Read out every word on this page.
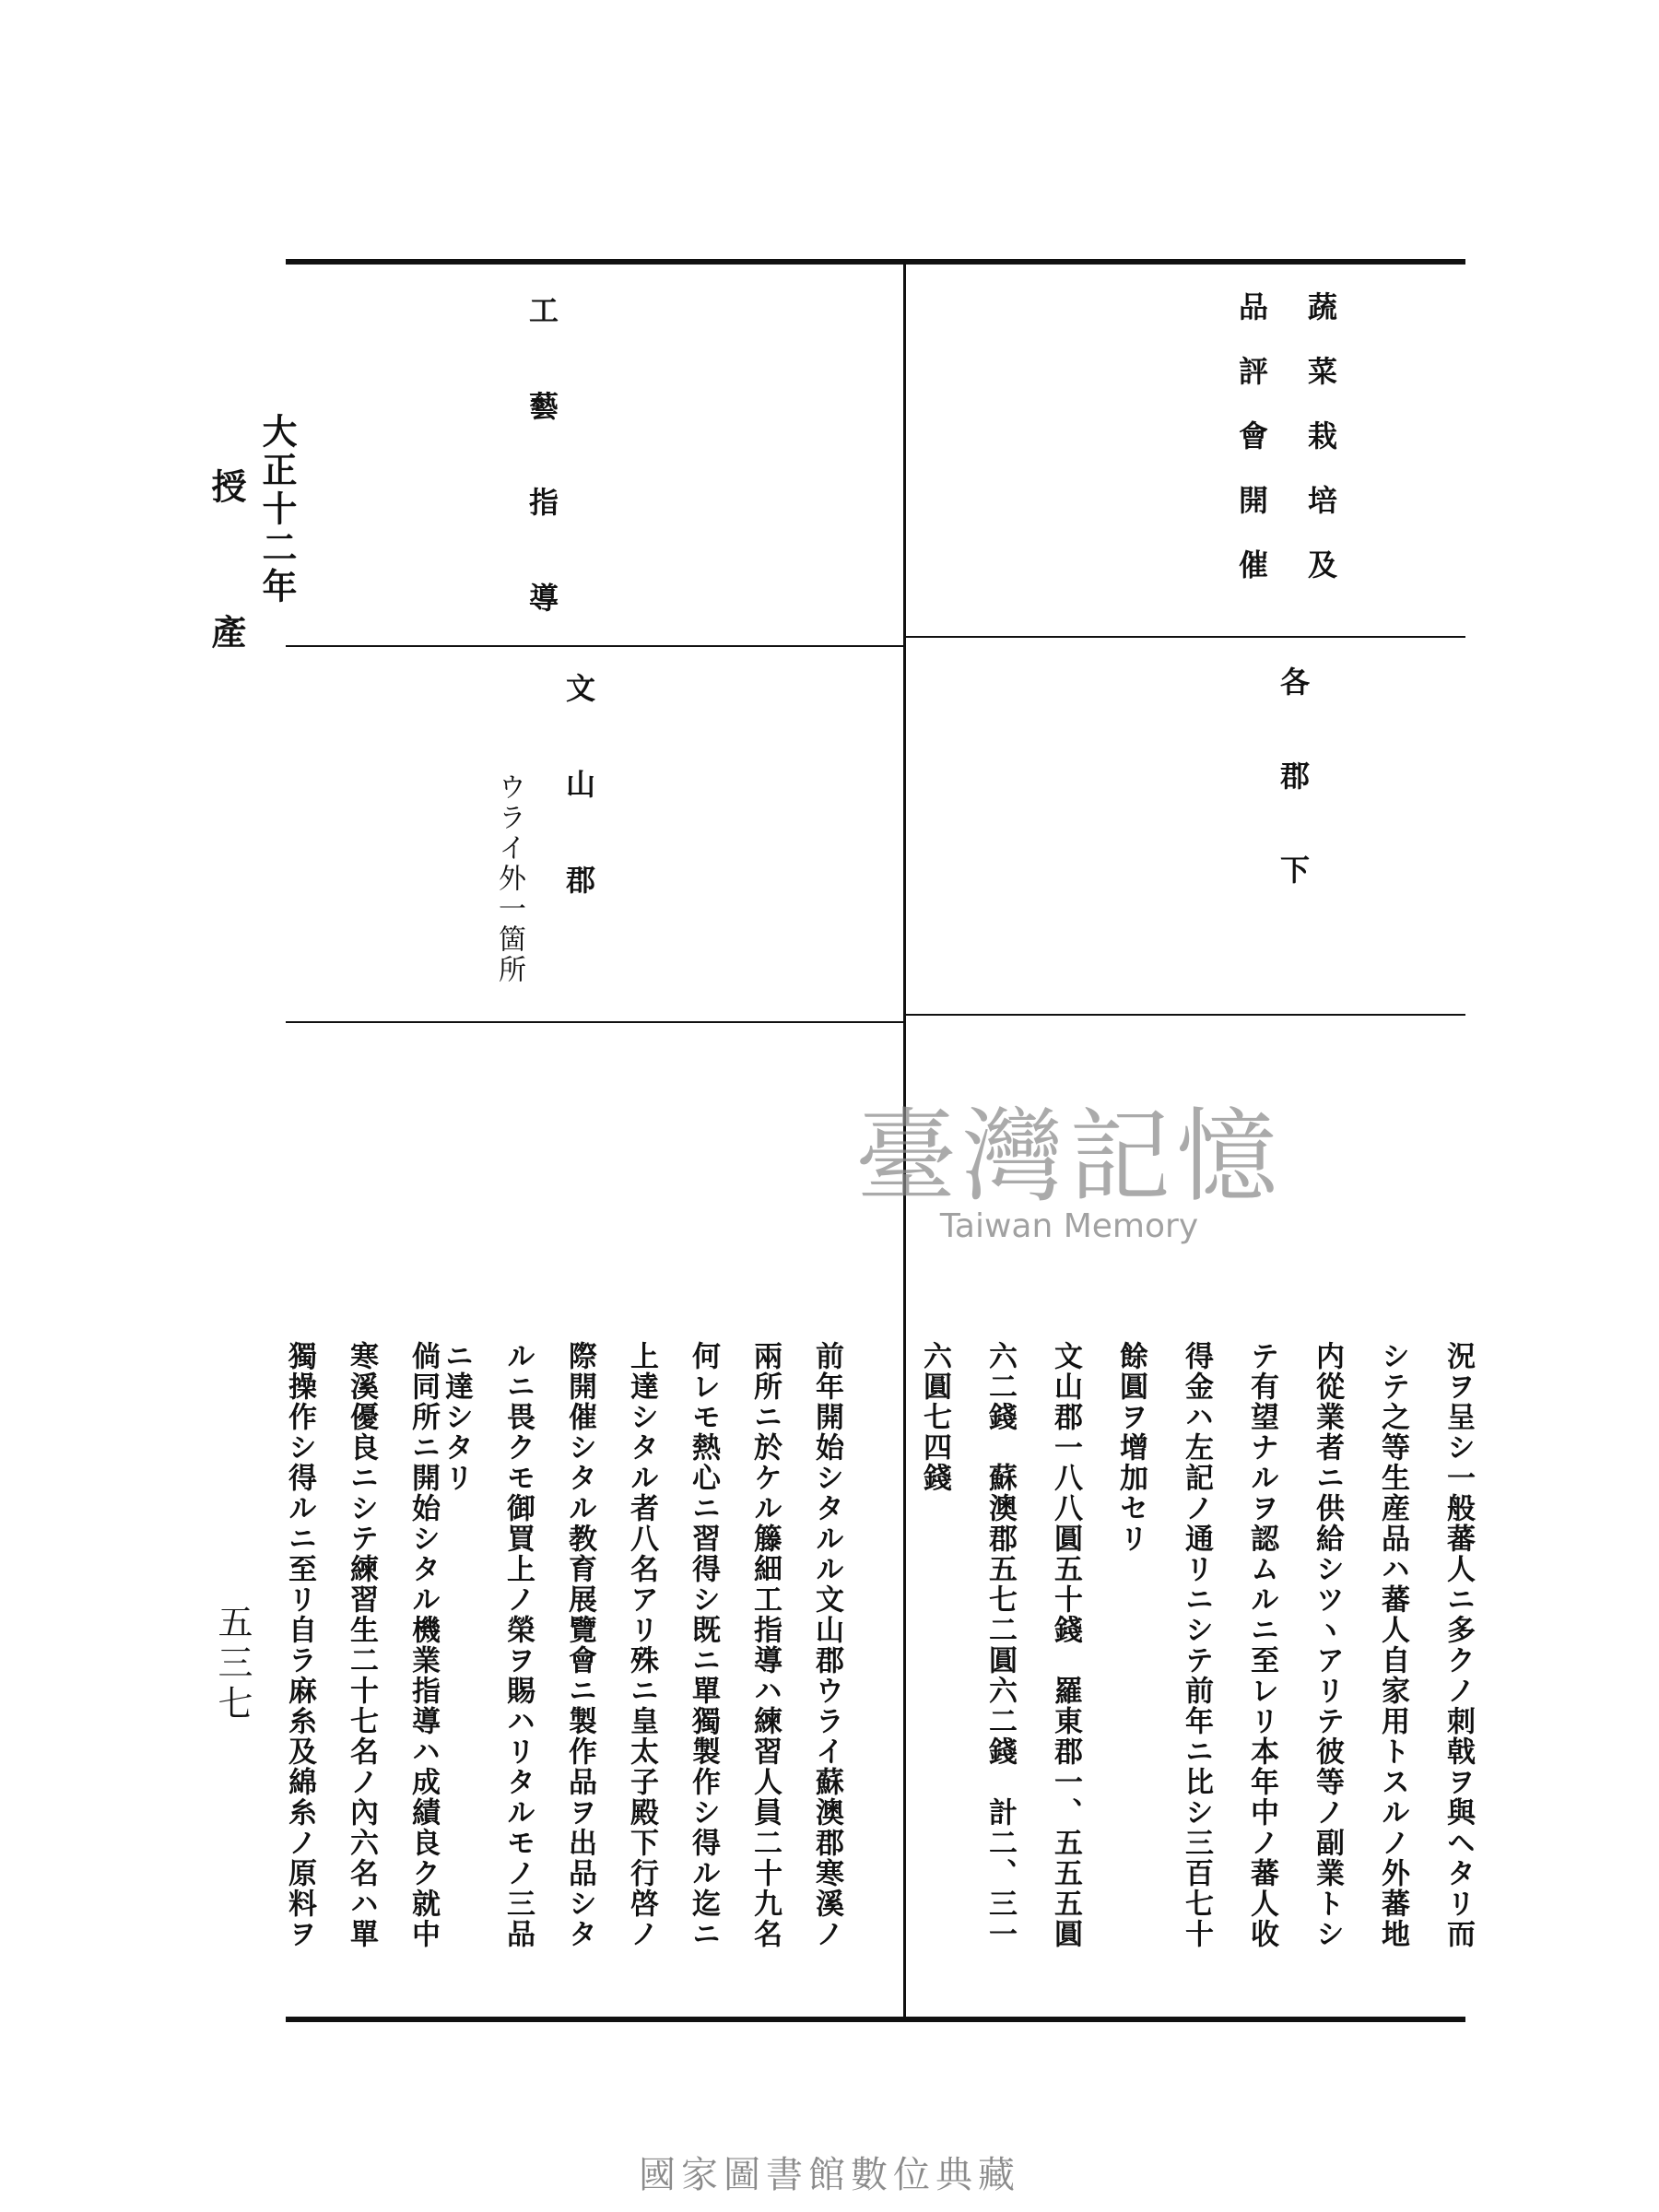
大正十二年
授產
五三七
蔬菜栽培及
品評會開催
各郡下
工藝指導
文山郡
ウライ外一箇所
況ヲ呈シ一般蕃人ニ多クノ刺戟ヲ與ヘタリ而
シテ之等生産品ハ蕃人自家用トスルノ外蕃地
内從業者ニ供給シツヽアリテ彼等ノ副業トシ
テ有望ナルヲ認ムルニ至レリ本年中ノ蕃人收
得金ハ左記ノ通リニシテ前年ニ比シ三百七十
餘圓ヲ增加セリ
文山郡一八八圓五十錢　羅東郡一、五五五圓
六二錢　蘇澳郡五七二圓六二錢　計二、三一
六圓七四錢
前年開始シタルル文山郡ウライ蘇澳郡寒溪ノ
兩所ニ於ケル籐細工指導ハ練習人員二十九名
何レモ熱心ニ習得シ既ニ單獨製作シ得ル迄ニ
上達シタル者八名アリ殊ニ皇太子殿下行啓ノ
際開催シタル教育展覽會ニ製作品ヲ出品シタ
ルニ畏クモ御買上ノ榮ヲ賜ハリタルモノ三品
ニ達シタリ
倘同所ニ開始シタル機業指導ハ成績良ク就中
寒溪優良ニシテ練習生二十七名ノ內六名ハ單
獨操作シ得ルニ至リ自ラ麻糸及綿糸ノ原料ヲ
臺灣記憶
Taiwan Memory
國家圖書館數位典藏
